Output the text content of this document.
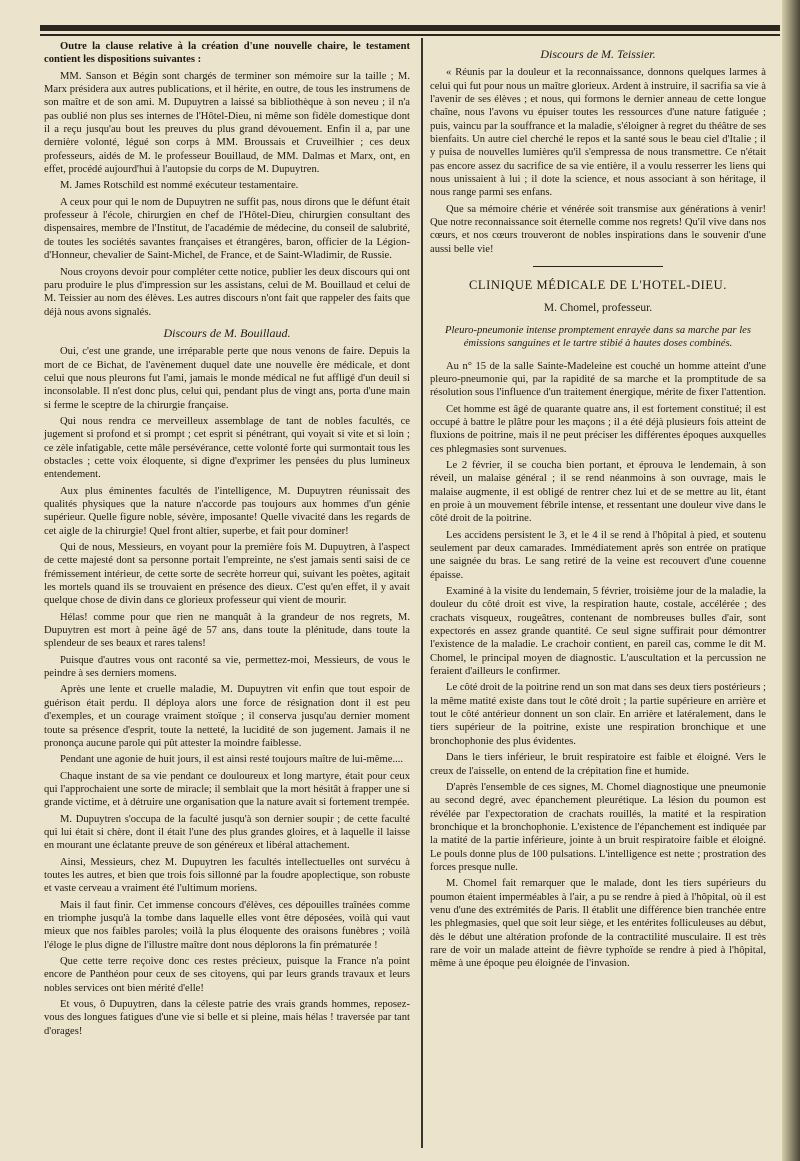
Outre la clause relative à la création d'une nouvelle chaire, le testament contient les dispositions suivantes :

MM. Sanson et Bégin sont chargés de terminer son mémoire sur la taille ; M. Marx présidera aux autres publications, et il hérite, en outre, de tous les instrumens de son maître et de son ami. M. Dupuytren a laissé sa bibliothèque à son neveu ; il n'a pas oublié non plus ses internes de l'Hôtel-Dieu, ni même son fidèle domestique dont il a reçu jusqu'au bout les preuves du plus grand dévouement. Enfin il a, par une dernière volonté, légué son corps à MM. Broussais et Cruveilhier ; ces deux professeurs, aidés de M. le professeur Bouillaud, de MM. Dalmas et Marx, ont, en effet, procédé aujourd'hui à l'autopsie du corps de M. Dupuytren.

M. James Rotschild est nommé exécuteur testamentaire.

A ceux pour qui le nom de Dupuytren ne suffit pas, nous dirons que le défunt était professeur à l'école, chirurgien en chef de l'Hôtel-Dieu, chirurgien consultant des dispensaires, membre de l'Institut, de l'académie de médecine, du conseil de salubrité, de toutes les sociétés savantes françaises et étrangères, baron, officier de la Légion-d'Honneur, chevalier de Saint-Michel, de France, et de Saint-Wladimir, de Russie.

Nous croyons devoir pour compléter cette notice, publier les deux discours qui ont paru produire le plus d'impression sur les assistans, celui de M. Bouillaud et celui de M. Teissier au nom des élèves. Les autres discours n'ont fait que rappeler des faits que déjà nous avons signalés.

Discours de M. Bouillaud.

Oui, c'est une grande, une irréparable perte que nous venons de faire. Depuis la mort de ce Bichat, de l'avènement duquel date une nouvelle ère médicale, et dont celui que nous pleurons fut l'ami, jamais le monde médical ne fut affligé d'un deuil si inconsolable. Il n'est donc plus, celui qui, pendant plus de vingt ans, porta d'une main si ferme le sceptre de la chirurgie française.

Qui nous rendra ce merveilleux assemblage de tant de nobles facultés, ce jugement si profond et si prompt ; cet esprit si pénétrant, qui voyait si vite et si loin ; ce zèle infatigable, cette mâle persévérance, cette volonté forte qui surmontait tous les obstacles ; cette voix éloquente, si digne d'exprimer les pensées du plus lumineux entendement.

Aux plus éminentes facultés de l'intelligence, M. Dupuytren réunissait des qualités physiques que la nature n'accorde pas toujours aux hommes d'un génie supérieur. Quelle figure noble, sévère, imposante! Quelle vivacité dans les regards de cet aigle de la chirurgie! Quel front altier, superbe, et fait pour dominer!

Qui de nous, Messieurs, en voyant pour la première fois M. Dupuytren, à l'aspect de cette majesté dont sa personne portait l'empreinte, ne s'est jamais senti saisi de ce frémissement intérieur, de cette sorte de secrète horreur qui, suivant les poètes, agitait les mortels quand ils se trouvaient en présence des dieux. C'est qu'en effet, il y avait quelque chose de divin dans ce glorieux professeur qui vient de mourir.

Hélas! comme pour que rien ne manquât à la grandeur de nos regrets, M. Dupuytren est mort à peine âgé de 57 ans, dans toute la plénitude, dans toute la splendeur de ses beaux et rares talens!

Puisque d'autres vous ont raconté sa vie, permettez-moi, Messieurs, de vous le peindre à ses derniers momens.

Après une lente et cruelle maladie, M. Dupuytren vit enfin que tout espoir de guérison était perdu. Il déploya alors une force de résignation dont il est peu d'exemples, et un courage vraiment stoïque ; il conserva jusqu'au dernier moment toute sa présence d'esprit, toute la netteté, la lucidité de son jugement. Jamais il ne prononça aucune parole qui pût attester la moindre faiblesse.

Pendant une agonie de huit jours, il est ainsi resté toujours maître de lui-même....

Chaque instant de sa vie pendant ce douloureux et long martyre, était pour ceux qui l'approchaient une sorte de miracle; il semblait que la mort hésitât à frapper une si grande victime, et à détruire une organisation que la nature avait si fortement trempée.

M. Dupuytren s'occupa de la faculté jusqu'à son dernier soupir ; de cette faculté qui lui était si chère, dont il était l'une des plus grandes gloires, et à laquelle il laisse en mourant une éclatante preuve de son généreux et libéral attachement.

Ainsi, Messieurs, chez M. Dupuytren les facultés intellectuelles ont survécu à toutes les autres, et bien que trois fois sillonné par la foudre apoplectique, son robuste et vaste cerveau a vraiment été l'ultimum moriens.

Mais il faut finir. Cet immense concours d'élèves, ces dépouilles traînées comme en triomphe jusqu'à la tombe dans laquelle elles vont être déposées, voilà qui vaut mieux que nos faibles paroles; voilà la plus éloquente des oraisons funèbres ; voilà l'éloge le plus digne de l'illustre maître dont nous déplorons la fin prématurée !

Que cette terre reçoive donc ces restes précieux, puisque la France n'a point encore de Panthéon pour ceux de ses citoyens, qui par leurs grands travaux et leurs nobles services ont bien mérité d'elle!

Et vous, ô Dupuytren, dans la céleste patrie des vrais grands hommes, reposez-vous des longues fatigues d'une vie si belle et si pleine, mais hélas ! traversée par tant d'orages!

Discours de M. Teissier.

« Réunis par la douleur et la reconnaissance, donnons quelques larmes à celui qui fut pour nous un maître glorieux. Ardent à instruire, il sacrifia sa vie à l'avenir de ses élèves ; et nous, qui formons le dernier anneau de cette longue chaîne, nous l'avons vu épuiser toutes les ressources d'une nature fatiguée ; puis, vaincu par la souffrance et la maladie, s'éloigner à regret du théâtre de ses bienfaits. Un autre ciel cherché le repos et la santé sous le beau ciel d'Italie ; il y puisa de nouvelles lumières qu'il s'empressa de nous transmettre. Ce n'était pas encore assez du sacrifice de sa vie entière, il a voulu resserrer les liens qui nous unissaient à lui ; il dote la science, et nous associant à son héritage, il nous range parmi ses enfans.

Que sa mémoire chérie et vénérée soit transmise aux générations à venir! Que notre reconnaissance soit éternelle comme nos regrets! Qu'il vive dans nos cœurs, et nos cœurs trouveront de nobles inspirations dans le souvenir d'une aussi belle vie!

CLINIQUE MÉDICALE DE L'HOTEL-DIEU.

M. Chomel, professeur.

Pleuro-pneumonie intense promptement enrayée dans sa marche par les émissions sanguines et le tartre stibié à hautes doses combinés.

Au n° 15 de la salle Sainte-Madeleine est couché un homme atteint d'une pleuro-pneumonie qui, par la rapidité de sa marche et la promptitude de sa résolution sous l'influence d'un traitement énergique, mérite de fixer l'attention.

Cet homme est âgé de quarante quatre ans, il est fortement constitué; il est occupé à battre le plâtre pour les maçons ; il a été déjà plusieurs fois atteint de fluxions de poitrine, mais il ne peut préciser les différentes époques auxquelles ces phlegmasies sont survenues.

Le 2 février, il se coucha bien portant, et éprouva le lendemain, à son réveil, un malaise général ; il se rend néanmoins à son ouvrage, mais le malaise augmente, il est obligé de rentrer chez lui et de se mettre au lit, étant en proie à un mouvement fébrile intense, et ressentant une douleur vive dans le côté droit de la poitrine.

Les accidens persistent le 3, et le 4 il se rend à l'hôpital à pied, et soutenu seulement par deux camarades. Immédiatement après son entrée on pratique une saignée du bras. Le sang retiré de la veine est recouvert d'une couenne épaisse.

Examiné à la visite du lendemain, 5 février, troisième jour de la maladie, la douleur du côté droit est vive, la respiration haute, costale, accélérée ; des crachats visqueux, rougeâtres, contenant de nombreuses bulles d'air, sont expectorés en assez grande quantité. Ce seul signe suffirait pour démontrer l'existence de la maladie. Le crachoir contient, en pareil cas, comme le dit M. Chomel, le principal moyen de diagnostic. L'auscultation et la percussion ne feraient d'ailleurs le confirmer.

Le côté droit de la poitrine rend un son mat dans ses deux tiers postérieurs ; la même matité existe dans tout le côté droit ; la partie supérieure en arrière et tout le côté antérieur donnent un son clair. En arrière et latéralement, dans le tiers supérieur de la poitrine, existe une respiration bronchique et une bronchophonie des plus évidentes.

Dans le tiers inférieur, le bruit respiratoire est faible et éloigné. Vers le creux de l'aisselle, on entend de la crépitation fine et humide.

D'après l'ensemble de ces signes, M. Chomel diagnostique une pneumonie au second degré, avec épanchement pleurétique. La lésion du poumon est révélée par l'expectoration de crachats rouillés, la matité et la respiration bronchique et la bronchophonie. L'existence de l'épanchement est indiquée par la matité de la partie inférieure, jointe à un bruit respiratoire faible et éloigné. Le pouls donne plus de 100 pulsations. L'intelligence est nette ; prostration des forces presque nulle.

M. Chomel fait remarquer que le malade, dont les tiers supérieurs du poumon étaient imperméables à l'air, a pu se rendre à pied à l'hôpital, où il est venu d'une des extrémités de Paris. Il établit une différence bien tranchée entre les phlegmasies, quel que soit leur siège, et les entérites folliculeuses au début, dès le début une altération profonde de la contractilité musculaire. Il est très rare de voir un malade atteint de fièvre typhoïde se rendre à pied à l'hôpital, même à une époque peu éloignée de l'invasion.
